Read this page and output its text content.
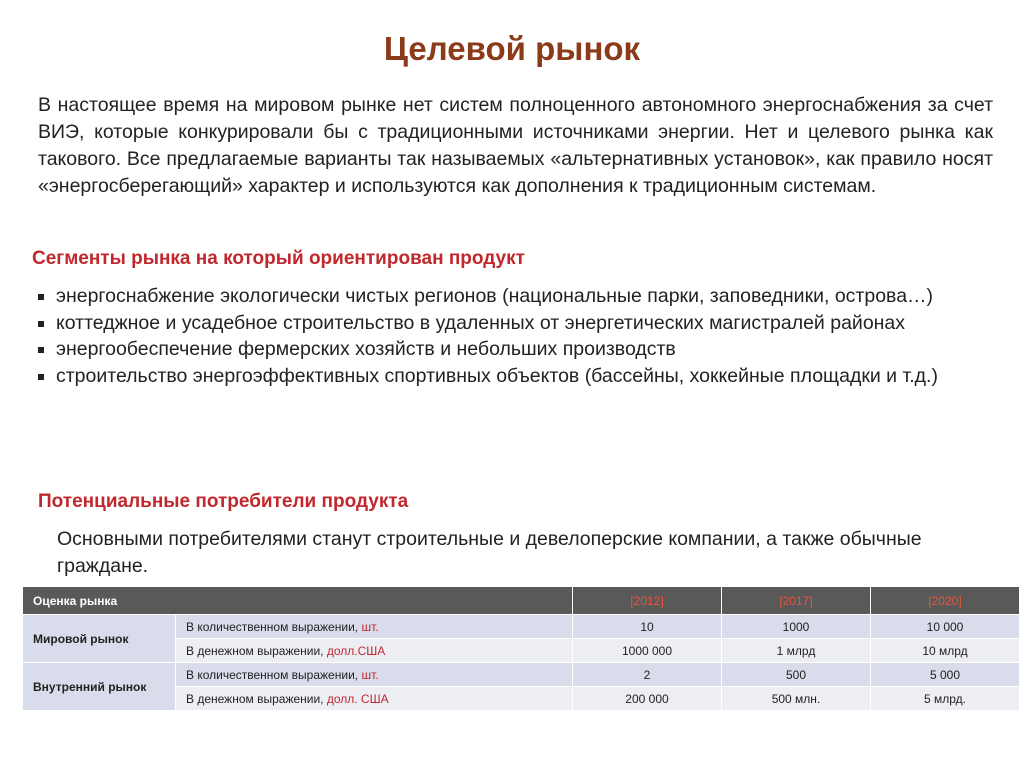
Целевой рынок
В настоящее время на мировом рынке нет систем полноценного автономного энергоснабжения за счет ВИЭ, которые конкурировали бы с традиционными источниками энергии. Нет и целевого рынка как такового. Все предлагаемые варианты так называемых «альтернативных установок», как правило носят «энергосберегающий» характер и используются как дополнения к традиционным системам.
Сегменты рынка на который ориентирован продукт
энергоснабжение экологически чистых регионов (национальные парки, заповедники, острова…)
коттеджное и усадебное строительство в удаленных от энергетических магистралей районах
энергообеспечение фермерских хозяйств и небольших производств
строительство энергоэффективных спортивных объектов (бассейны, хоккейные площадки и т.д.)
Потенциальные потребители продукта
Основными потребителями станут строительные и девелоперские компании, а также обычные граждане.
Оценка рынка		[2012]	[2017]	[2020]
Мировой рынок	В количественном выражении, шт.	10	1000	10 000
	В денежном выражении, долл.США	1000 000	1 млрд	10 млрд
Внутренний рынок	В количественном выражении, шт.	2	500	5 000
	В денежном выражении, долл. США	200 000	500 млн.	5 млрд.
